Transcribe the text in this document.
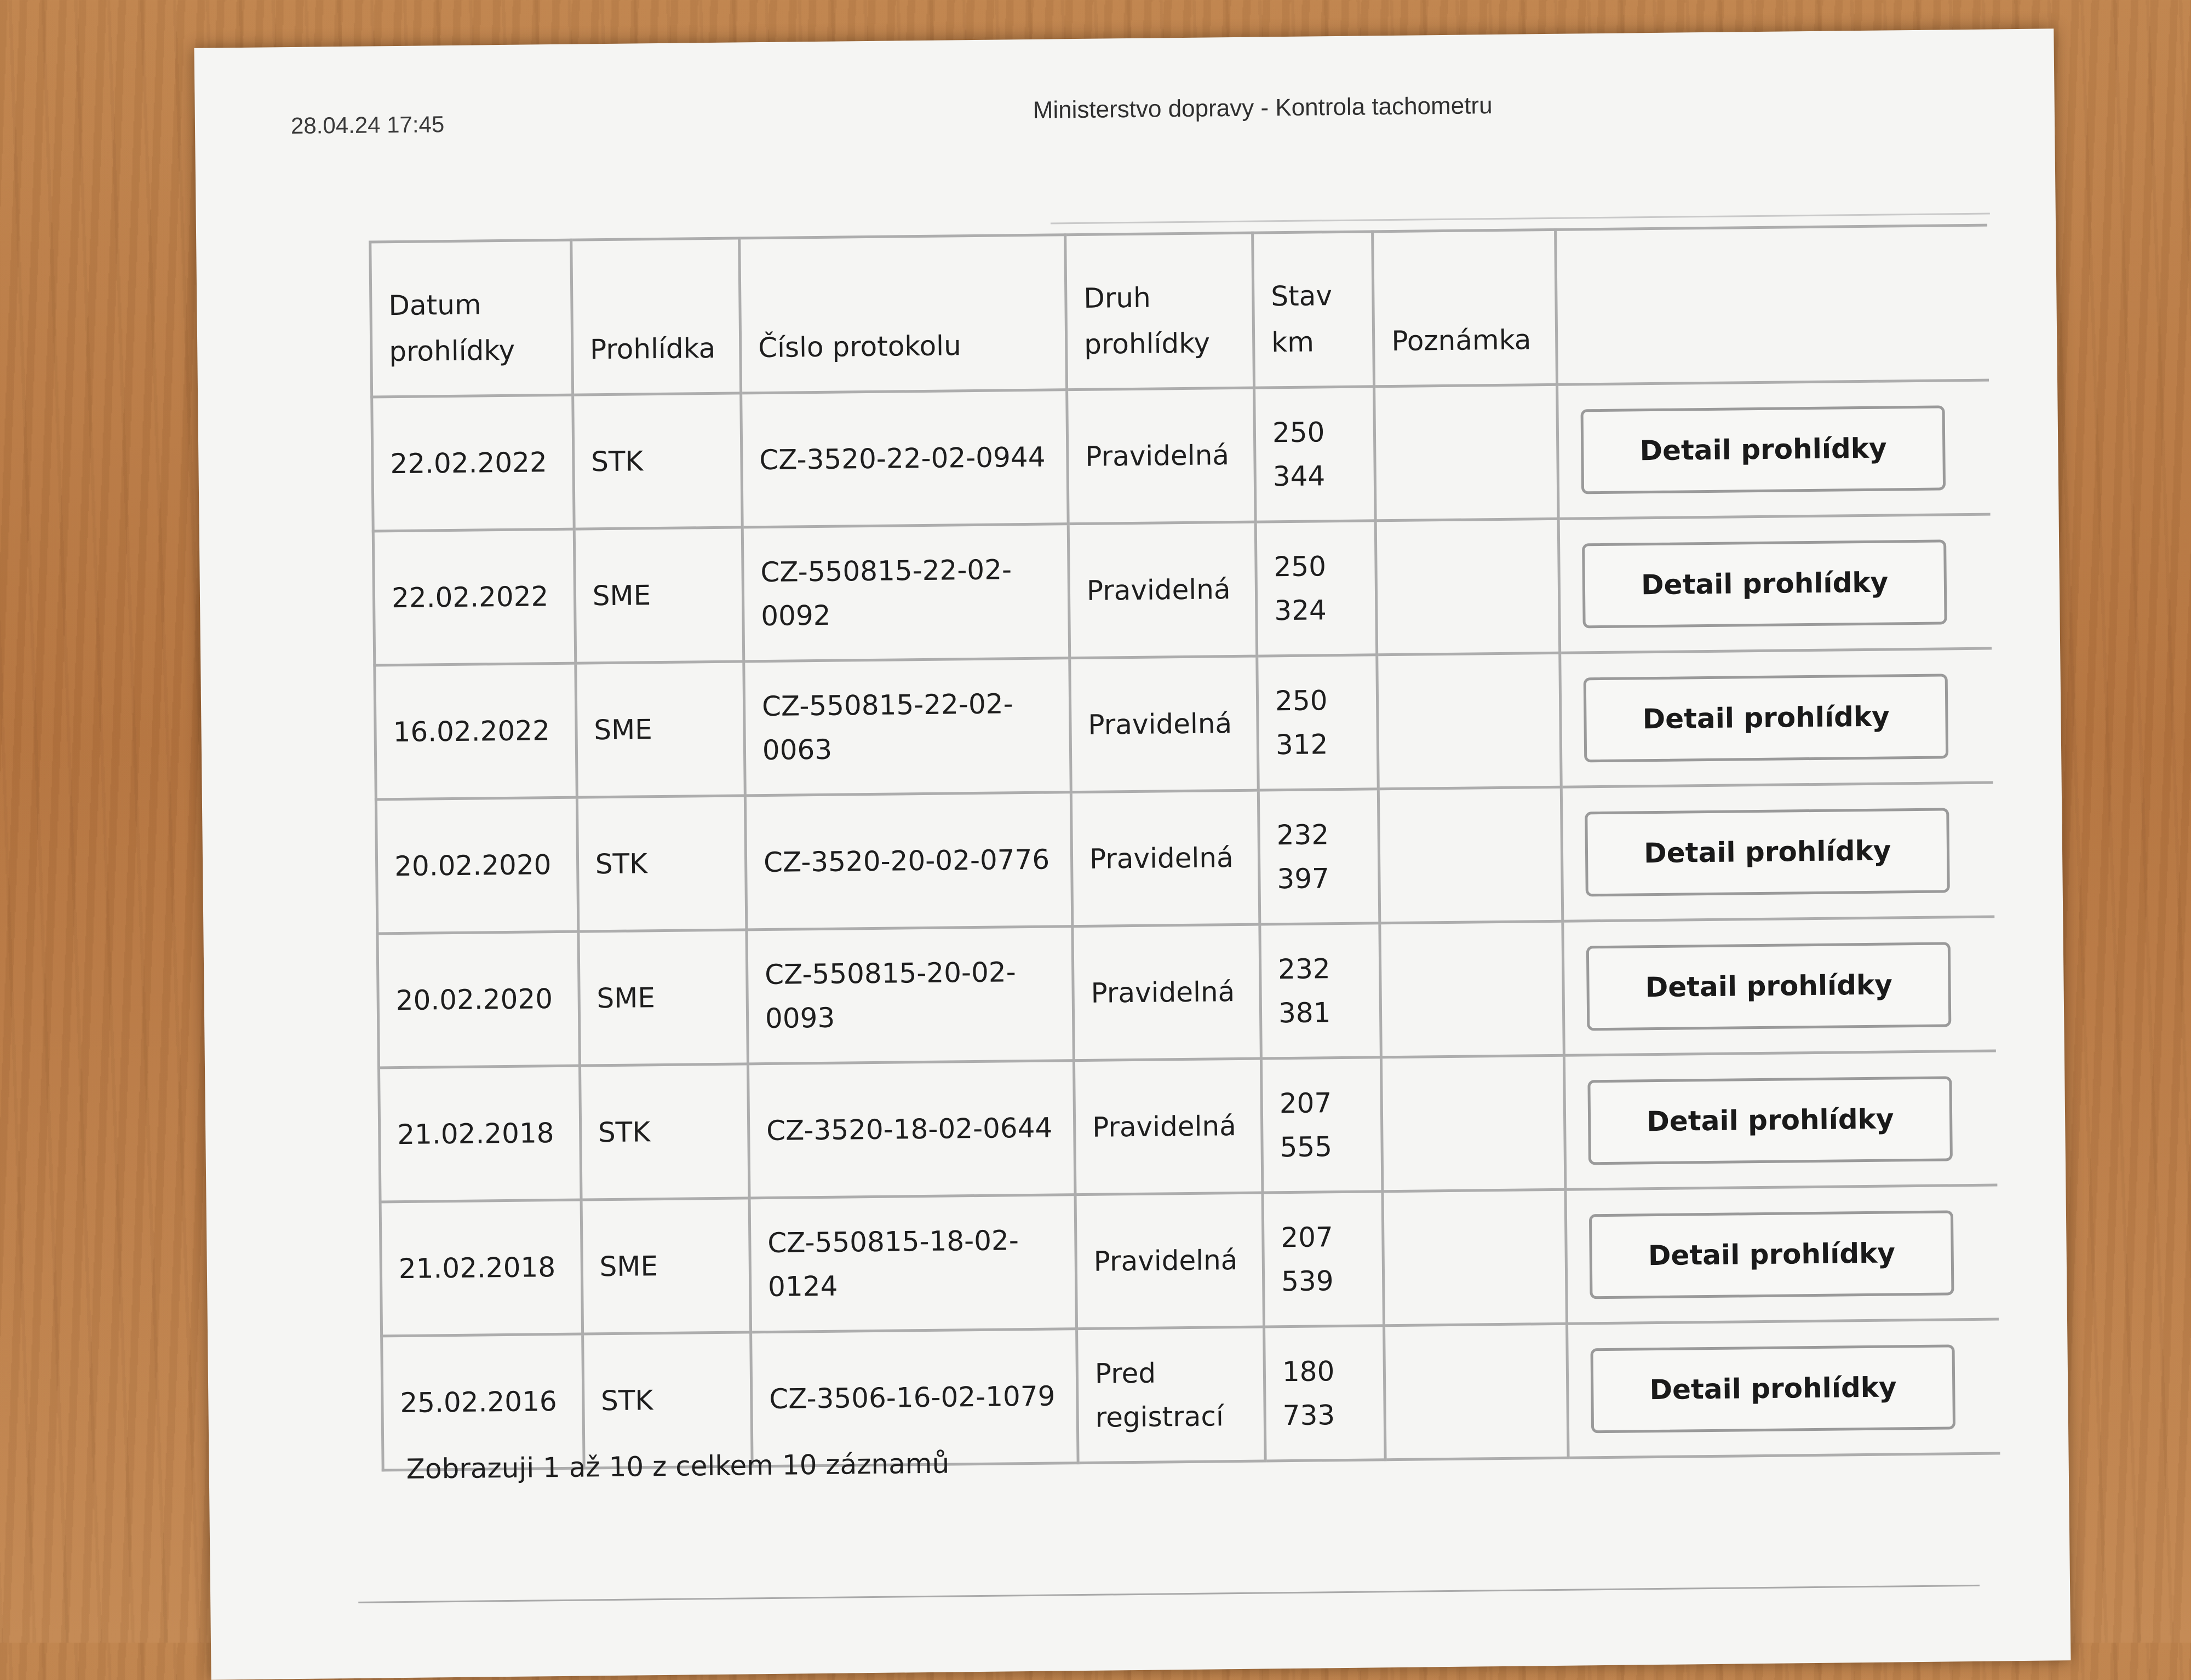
28.04.24 17:45
Ministerstvo dopravy - Kontrola tachometru
Datum prohlídky	Prohlídka	Číslo protokolu	Druh prohlídky	Stav km	Poznámka	
22.02.2022	STK	CZ-3520-22-02-0944	Pravidelná	250 344		Detail prohlídky

22.02.2022	SME	CZ-550815-22-02-0092	Pravidelná	250 324		Detail prohlídky

16.02.2022	SME	CZ-550815-22-02-0063	Pravidelná	250 312		Detail prohlídky

20.02.2020	STK	CZ-3520-20-02-0776	Pravidelná	232 397		Detail prohlídky

20.02.2020	SME	CZ-550815-20-02-0093	Pravidelná	232 381		Detail prohlídky

21.02.2018	STK	CZ-3520-18-02-0644	Pravidelná	207 555		Detail prohlídky

21.02.2018	SME	CZ-550815-18-02-0124	Pravidelná	207 539		Detail prohlídky

25.02.2016	STK	CZ-3506-16-02-1079	Pred registrací	180 733		Detail prohlídky
Zobrazuji 1 až 10 z celkem 10 záznamů
